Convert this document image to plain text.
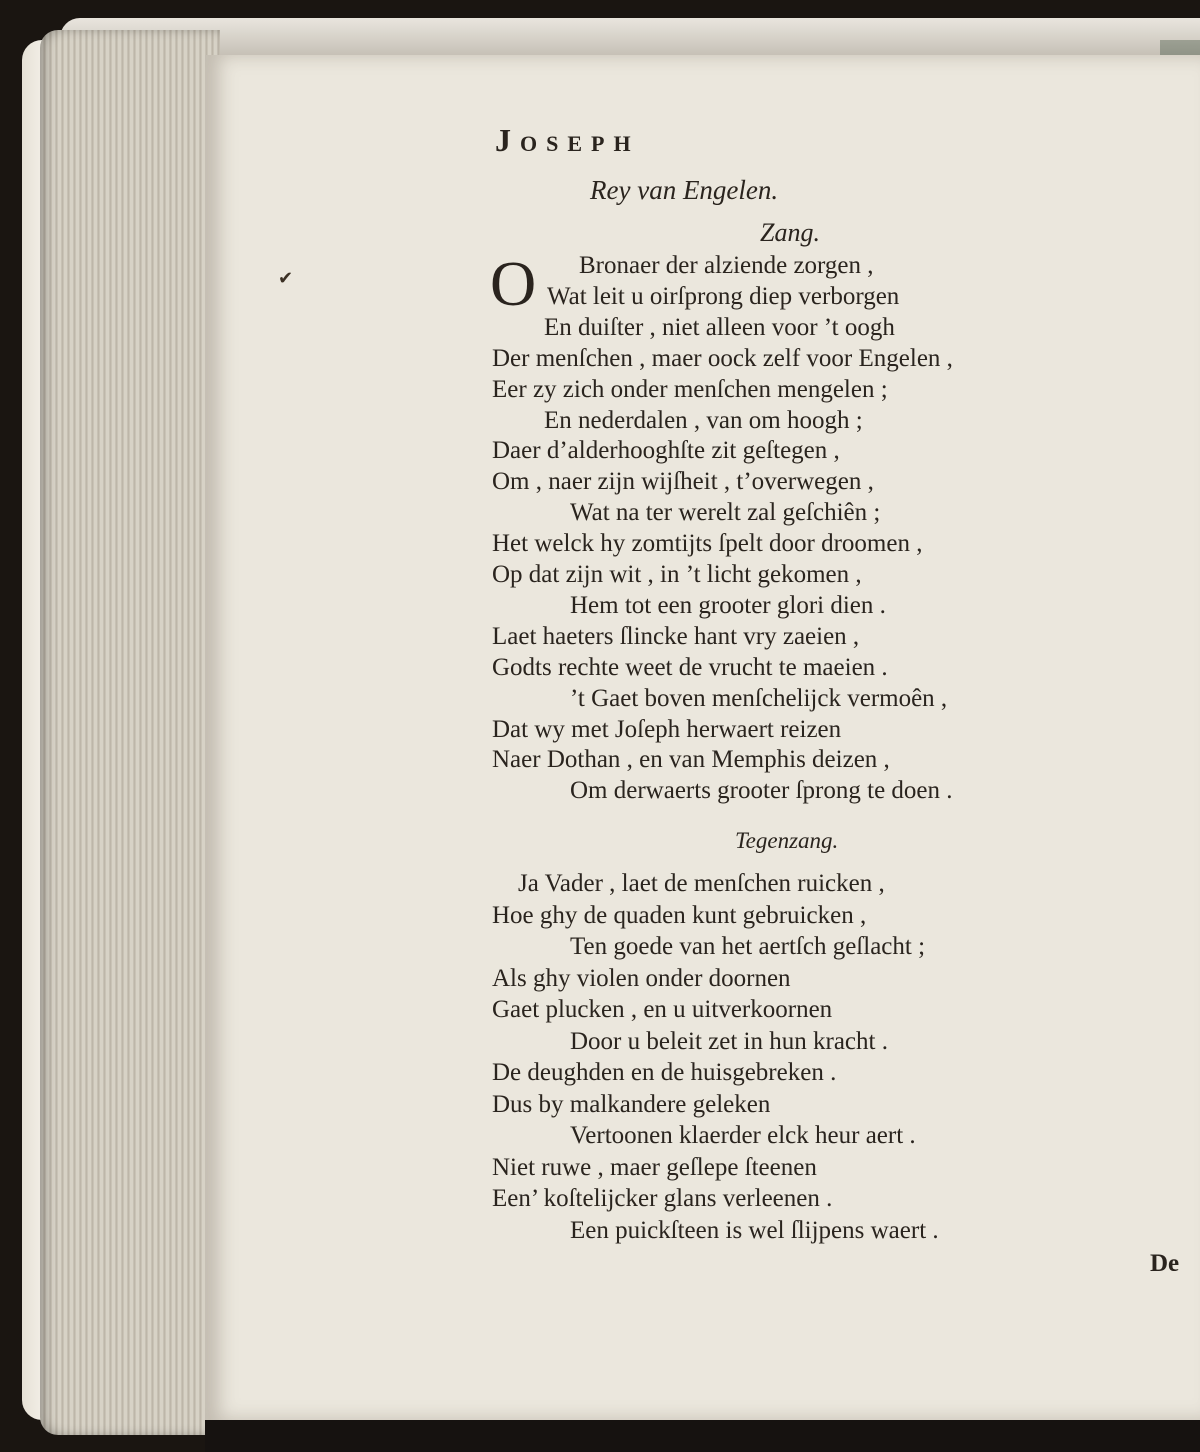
✔
Joseph
Rey van Engelen.
Zang.
O Bronaer der alziende zorgen ,
Wat leit u oirſprong diep verborgen
En duiſter , niet alleen voor ’t oogh
Der menſchen , maer oock zelf voor Engelen ,
Eer zy zich onder menſchen mengelen ;
En nederdalen , van om hoogh ;
Daer d’alderhooghſte zit geſtegen ,
Om , naer zijn wijſheit , t’overwegen ,
Wat na ter werelt zal geſchiên ;
Het welck hy zomtijts ſpelt door droomen ,
Op dat zijn wit , in ’t licht gekomen ,
Hem tot een grooter glori dien .
Laet haeters ſlincke hant vry zaeien ,
Godts rechte weet de vrucht te maeien .
’t Gaet boven menſchelijck vermoên ,
Dat wy met Joſeph herwaert reizen
Naer Dothan , en van Memphis deizen ,
Om derwaerts grooter ſprong te doen .
Tegenzang.
Ja Vader , laet de menſchen ruicken ,
Hoe ghy de quaden kunt gebruicken ,
Ten goede van het aertſch geſlacht ;
Als ghy violen onder doornen
Gaet plucken , en u uitverkoornen
Door u beleit zet in hun kracht .
De deughden en de huisgebreken .
Dus by malkandere geleken
Vertoonen klaerder elck heur aert .
Niet ruwe , maer geſlepe ſteenen
Een’ koſtelijcker glans verleenen .
Een puickſteen is wel ſlijpens waert .
De
